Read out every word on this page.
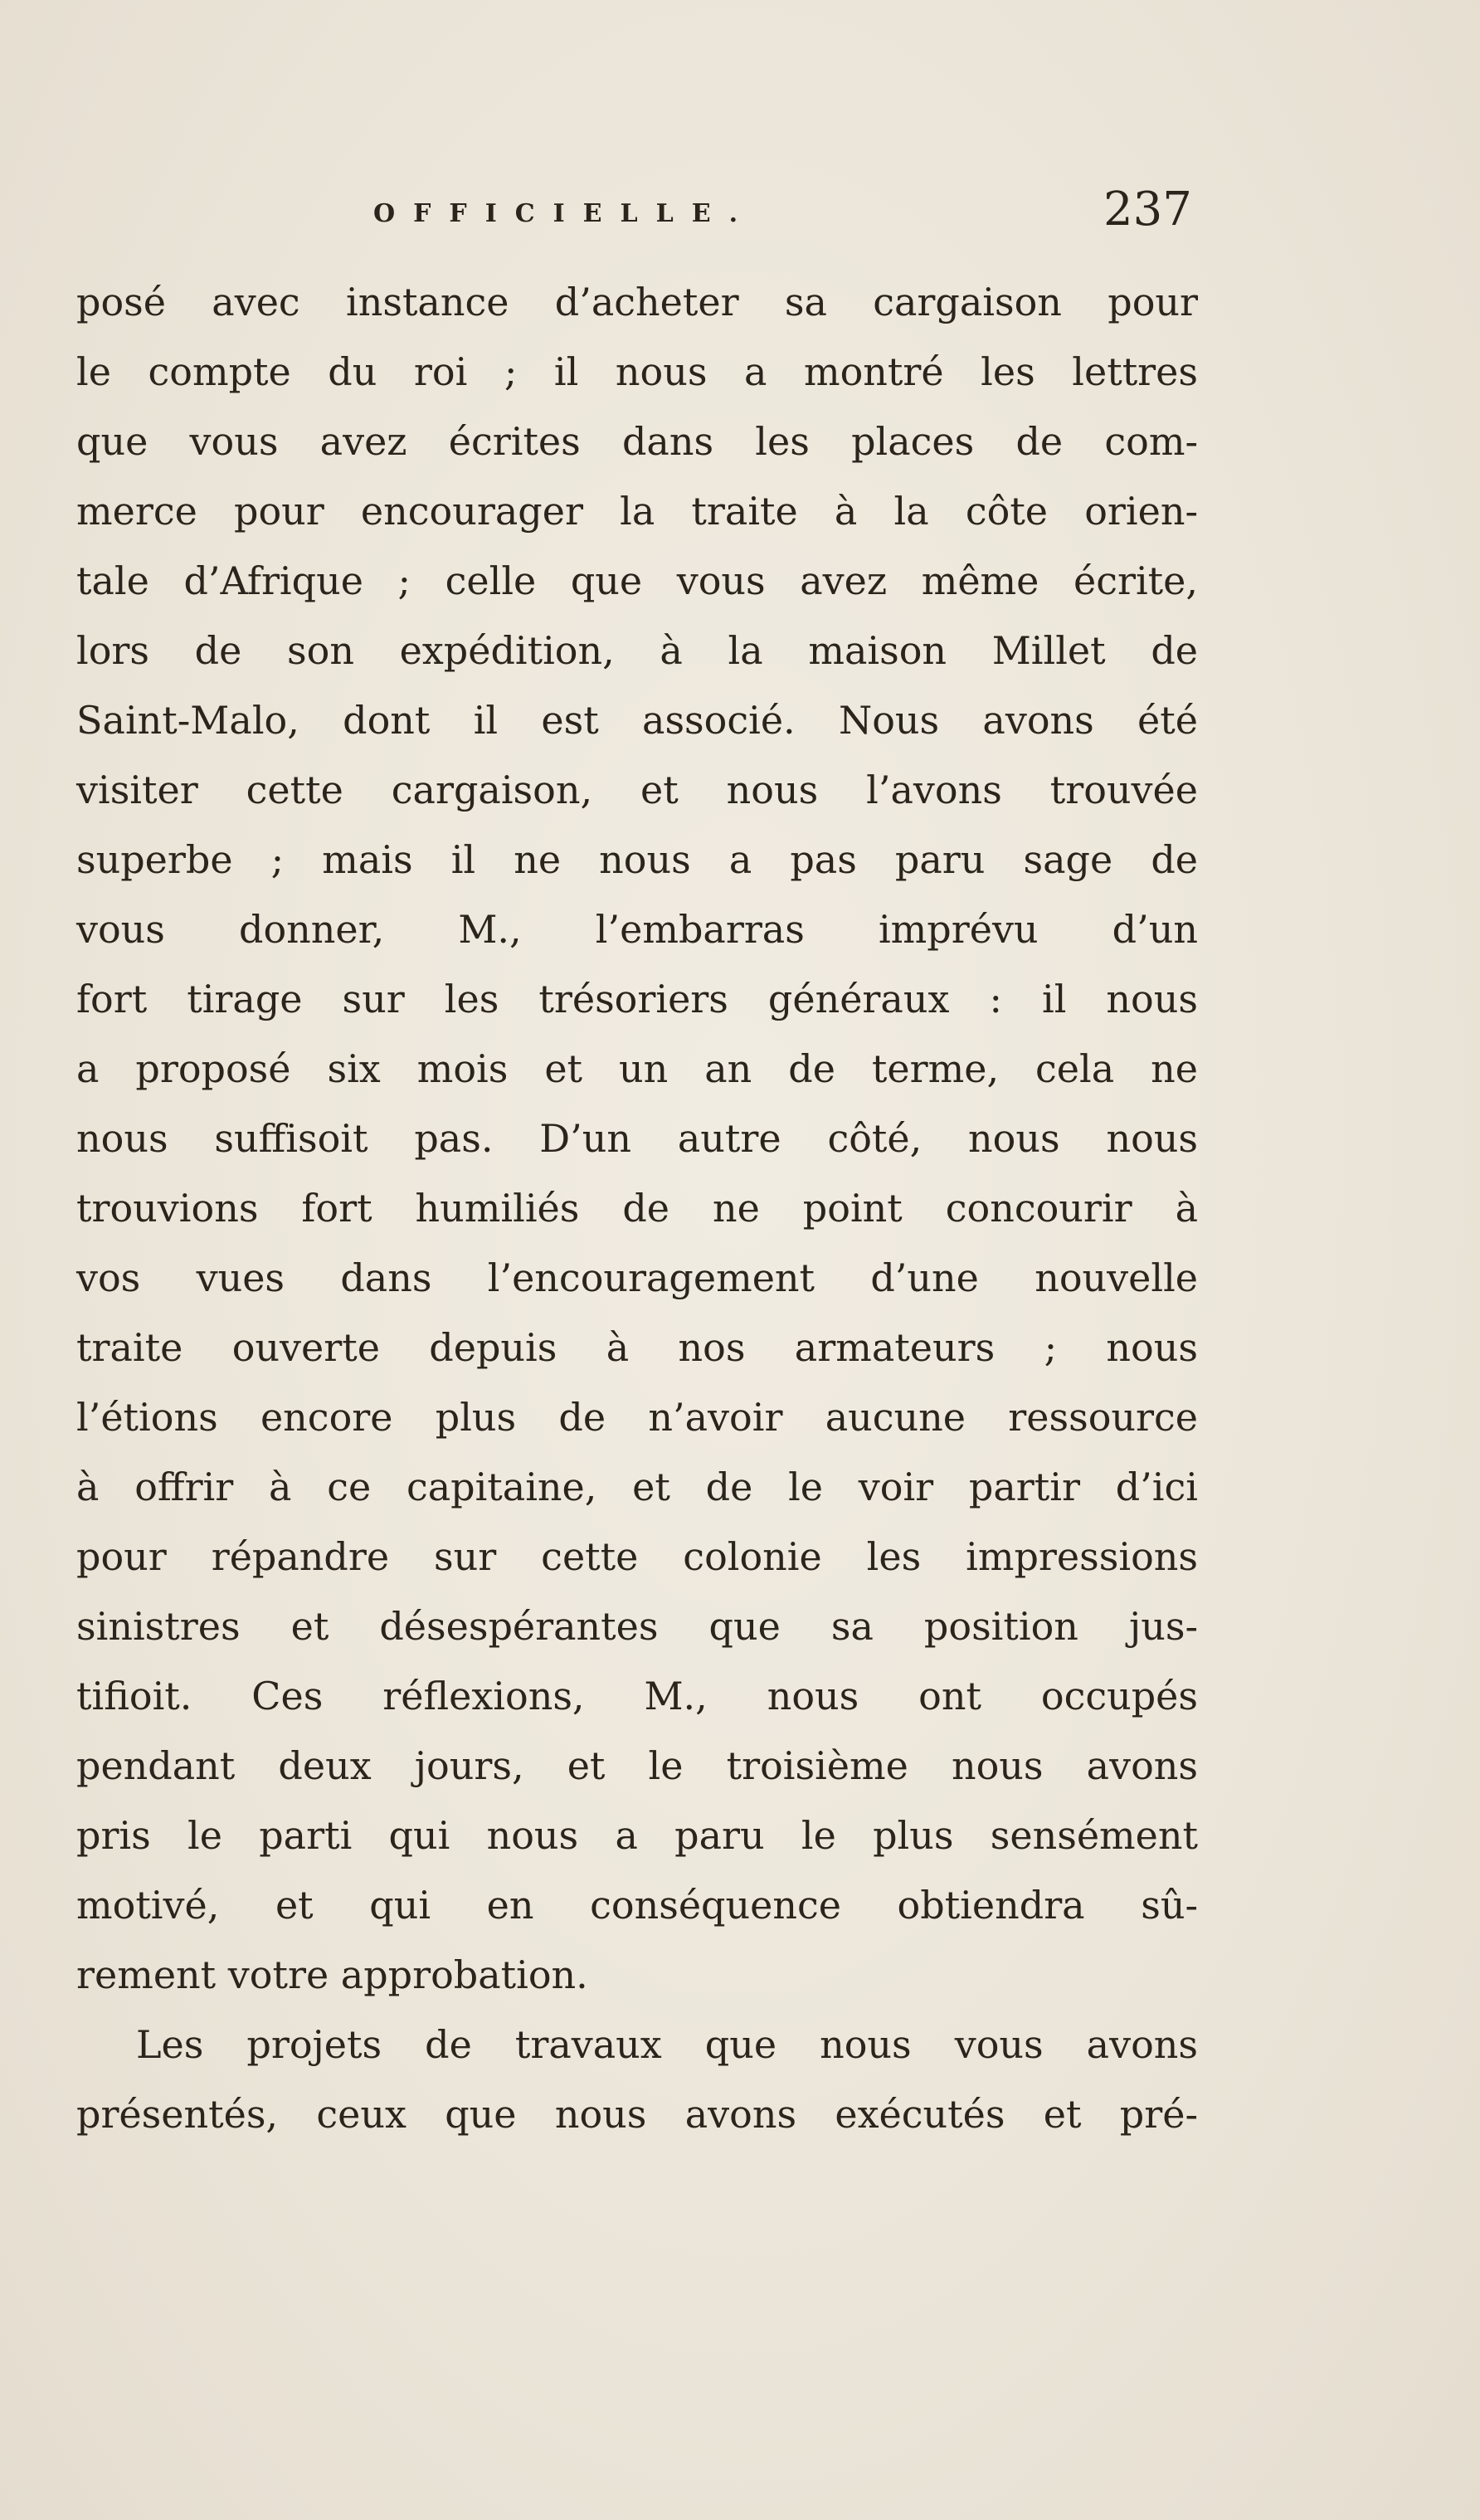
OFFICIELLE.	237
posé avec instance d’acheter sa cargaison pour
le compte du roi ; il nous a montré les lettres
que vous avez écrites dans les places de com-
merce pour encourager la traite à la côte orien-
tale d’Afrique ; celle que vous avez même écrite,
lors de son expédition, à la maison Millet de
Saint-Malo, dont il est associé. Nous avons été
visiter cette cargaison, et nous l’avons trouvée
superbe ; mais il ne nous a pas paru sage de
vous donner, M., l’embarras imprévu d’un
fort tirage sur les trésoriers généraux : il nous
a proposé six mois et un an de terme, cela ne
nous suffisoit pas. D’un autre côté, nous nous
trouvions fort humiliés de ne point concourir à
vos vues dans l’encouragement d’une nouvelle
traite ouverte depuis à nos armateurs ; nous
l’étions encore plus de n’avoir aucune ressource
à offrir à ce capitaine, et de le voir partir d’ici
pour répandre sur cette colonie les impressions
sinistres et désespérantes que sa position jus-
tifioit. Ces réflexions, M., nous ont occupés
pendant deux jours, et le troisième nous avons
pris le parti qui nous a paru le plus sensément
motivé, et qui en conséquence obtiendra sû-
rement votre approbation.
Les projets de travaux que nous vous avons
présentés, ceux que nous avons exécutés et pré-
